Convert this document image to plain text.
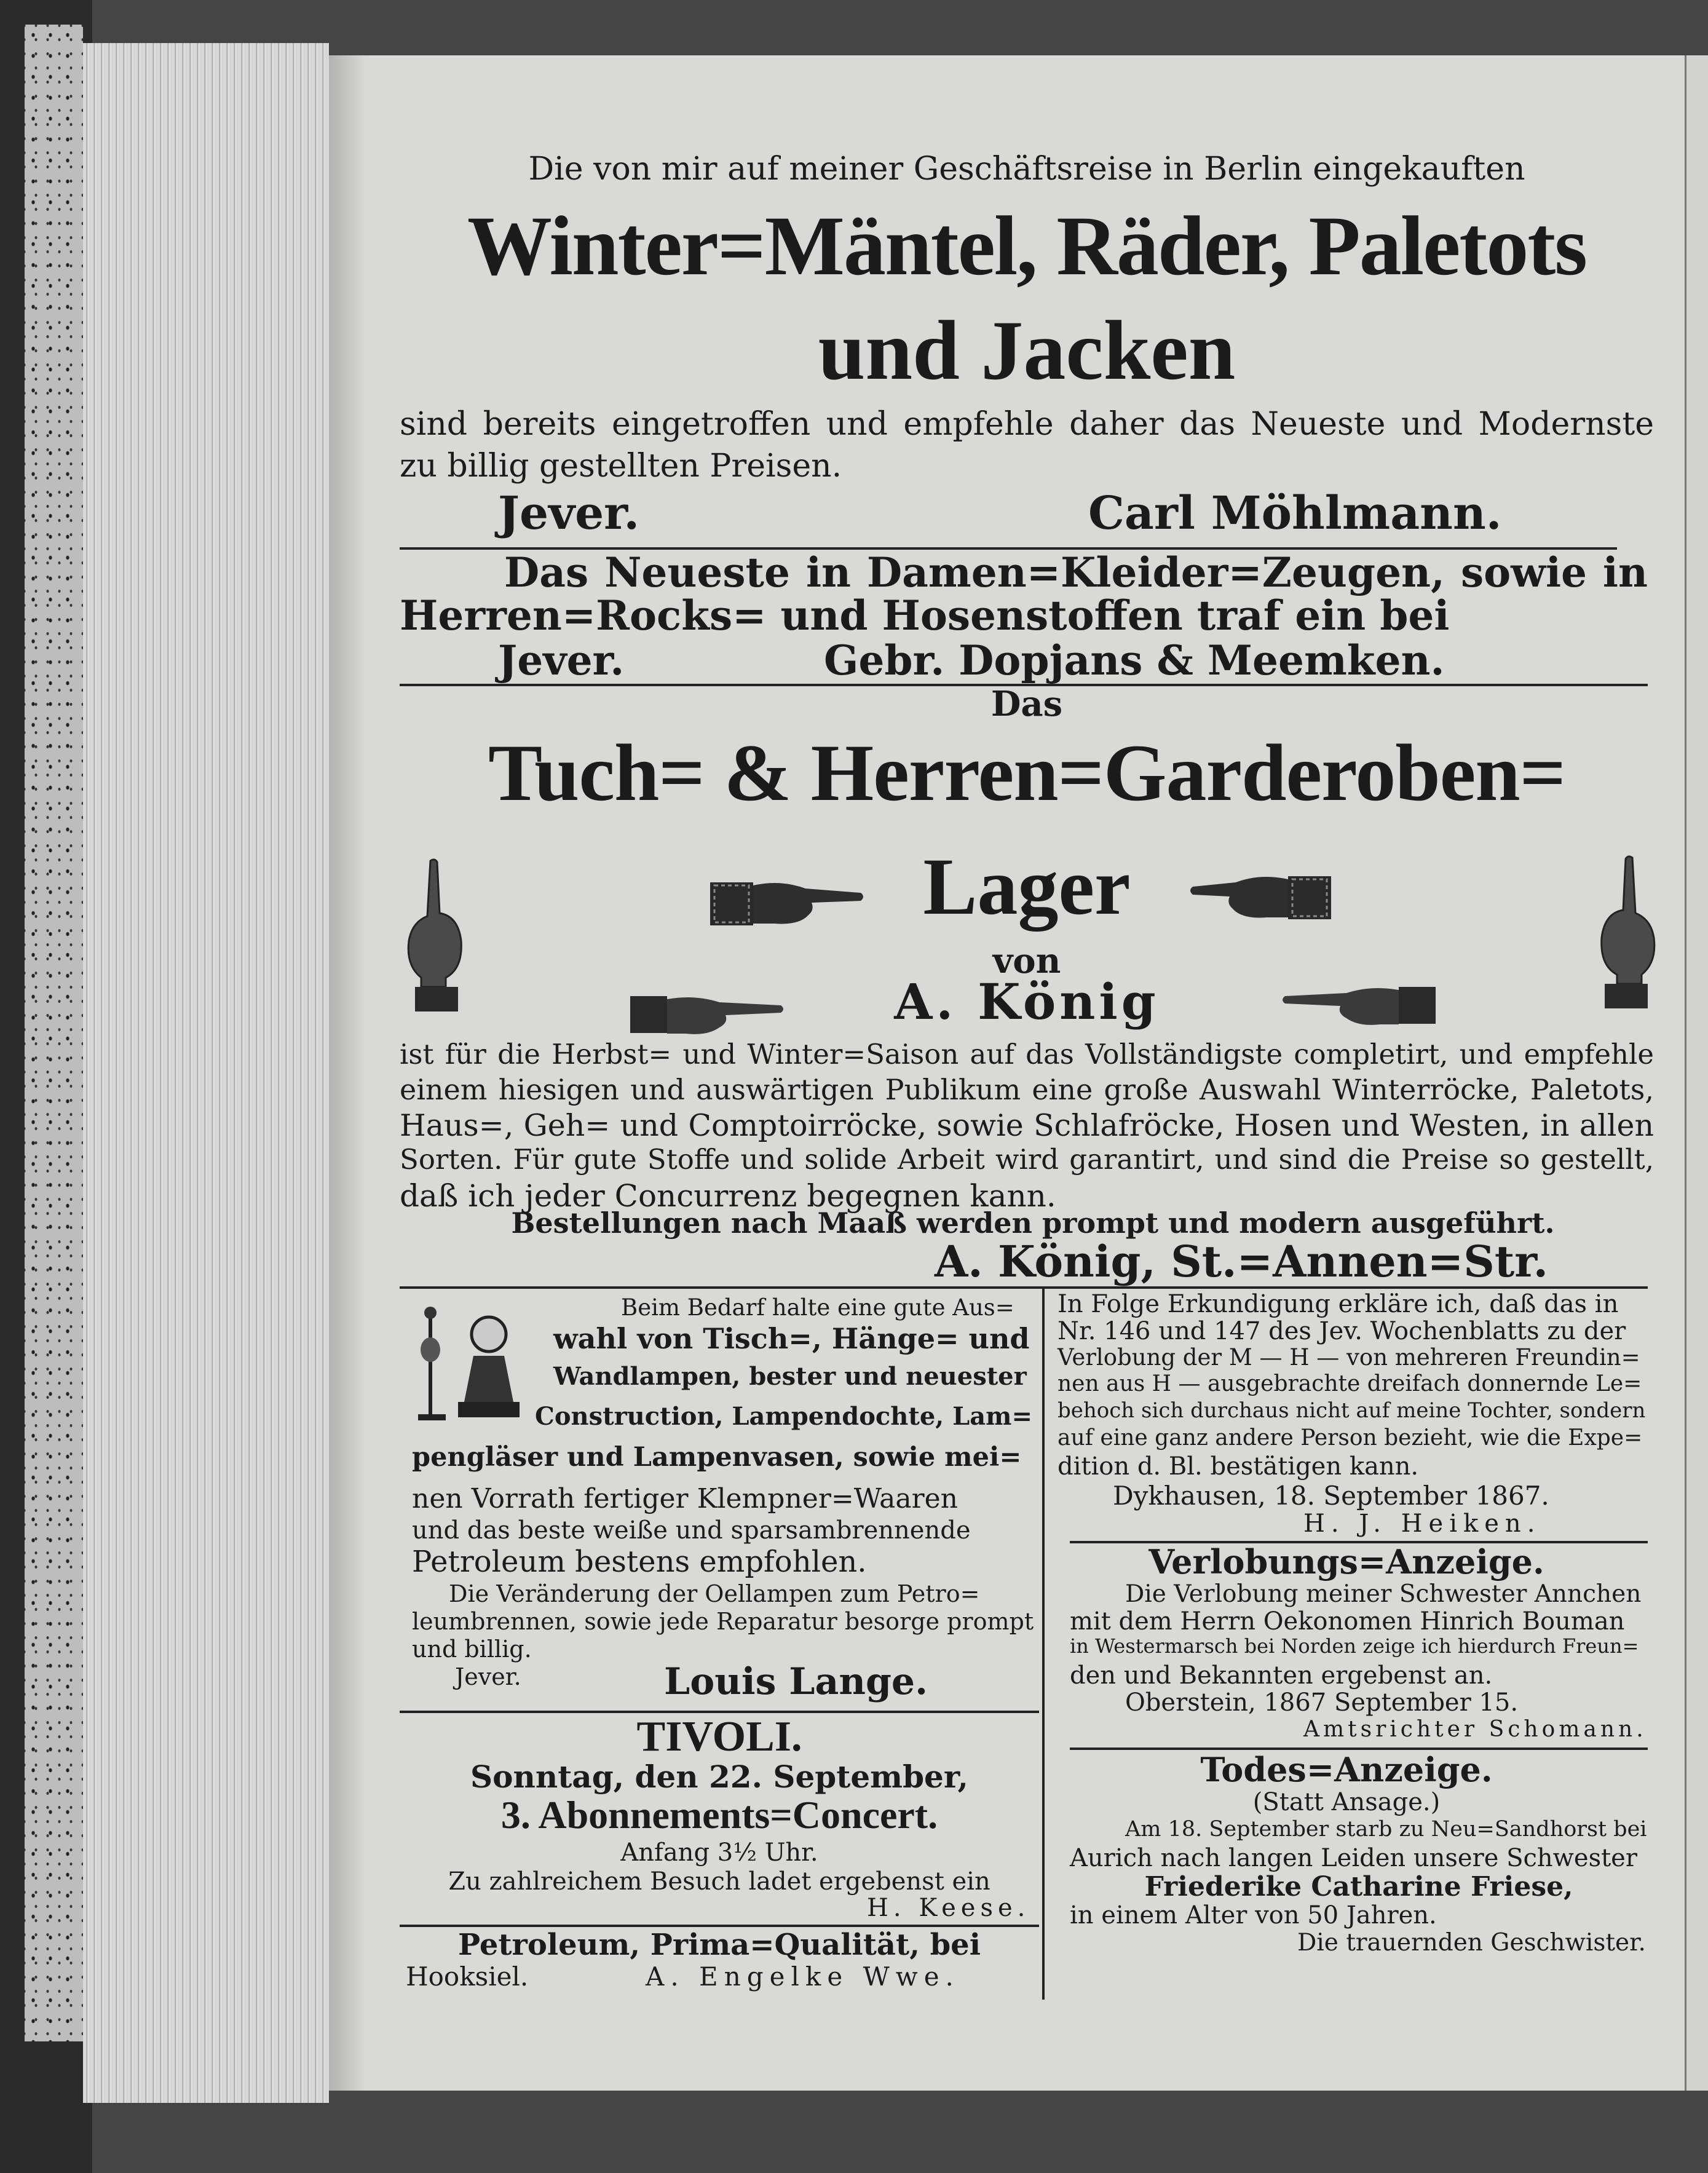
Die von mir auf meiner Geschäftsreise in Berlin eingekauften
Winter=Mäntel, Räder, Paletots
und Jacken
sind bereits eingetroffen und empfehle daher das Neueste und Modernste
zu billig gestellten Preisen.
Jever.	Carl Möhlmann.
Das Neueste in Damen=Kleider=Zeugen, sowie in
Herren=Rocks= und Hosenstoffen traf ein bei
Jever.	Gebr. Dopjans & Meemken.
Das
Tuch= & Herren=Garderoben=
Lager
von
A. König
ist für die Herbst= und Winter=Saison auf das Vollständigste completirt, und empfehle
einem hiesigen und auswärtigen Publikum eine große Auswahl Winterröcke, Paletots,
Haus=, Geh= und Comptoirröcke, sowie Schlafröcke, Hosen und Westen, in allen
Sorten. Für gute Stoffe und solide Arbeit wird garantirt, und sind die Preise so gestellt,
daß ich jeder Concurrenz begegnen kann.
Bestellungen nach Maaß werden prompt und modern ausgeführt.
A. König, St.=Annen=Str.
Beim Bedarf halte eine gute Aus=
wahl von Tisch=, Hänge= und
Wandlampen, bester und neuester
Construction, Lampendochte, Lam=
pengläser und Lampenvasen, sowie mei=
nen Vorrath fertiger Klempner=Waaren
und das beste weiße und sparsambrennende
Petroleum bestens empfohlen.
Die Veränderung der Oellampen zum Petro=
leumbrennen, sowie jede Reparatur besorge prompt
und billig.
Jever.	Louis Lange.
TIVOLI.
Sonntag, den 22. September,
3. Abonnements=Concert.
Anfang 3½ Uhr.
Zu zahlreichem Besuch ladet ergebenst ein
H. Keese.
Petroleum, Prima=Qualität, bei
Hooksiel.	A. Engelke Wwe.
In Folge Erkundigung erkläre ich, daß das in
Nr. 146 und 147 des Jev. Wochenblatts zu der
Verlobung der M — H — von mehreren Freundin=
nen aus H — ausgebrachte dreifach donnernde Le=
behoch sich durchaus nicht auf meine Tochter, sondern
auf eine ganz andere Person bezieht, wie die Expe=
dition d. Bl. bestätigen kann.
Dykhausen, 18. September 1867.
H. J. Heiken.
Verlobungs=Anzeige.
Die Verlobung meiner Schwester Annchen
mit dem Herrn Oekonomen Hinrich Bouman
in Westermarsch bei Norden zeige ich hierdurch Freun=
den und Bekannten ergebenst an.
Oberstein, 1867 September 15.
Amtsrichter Schomann.
Todes=Anzeige.
(Statt Ansage.)
Am 18. September starb zu Neu=Sandhorst bei
Aurich nach langen Leiden unsere Schwester
Friederike Catharine Friese,
in einem Alter von 50 Jahren.
Die trauernden Geschwister.
